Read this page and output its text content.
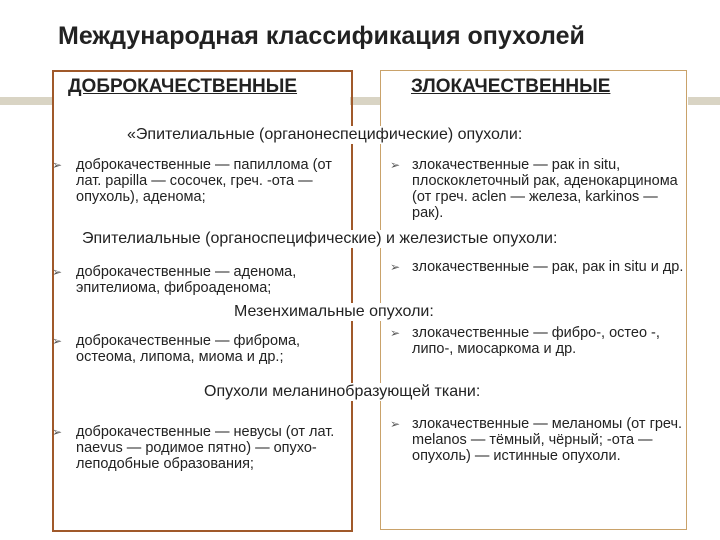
Международная классификация опухолей
ДОБРОКАЧЕСТВЕННЫЕ	ЗЛОКАЧЕСТВЕННЫЕ
«Эпителиальные (органонеспецифические) опухоли:
➢ доброкачественные — папиллома (от лат. papilla — сосочек, греч. -ота — опухоль), аденома;
➢ злокачественные — рак in situ, плоскоклеточный рак, аденокарцинома (от греч. aclen — железа, karkinos — рак).
Эпителиальные (органоспецифические) и железистые опухоли:
➢ доброкачественные — аденома, эпителиома, фиброаденома;
➢ злокачественные — рак, рак in situ и др.
Мезенхимальные опухоли:
➢ доброкачественные — фиброма, остеома, липома, миома и др.;
➢ злокачественные — фибро-, остео -, липо-, миосаркома и др.
Опухоли меланинобразующей ткани:
➢ доброкачественные — невусы (от лат. naevus — родимое пятно) — опухо-леподобные образования;
➢ злокачественные — меланомы (от греч. melanos — тёмный, чёрный; -ота — опухоль) — истинные опухоли.
